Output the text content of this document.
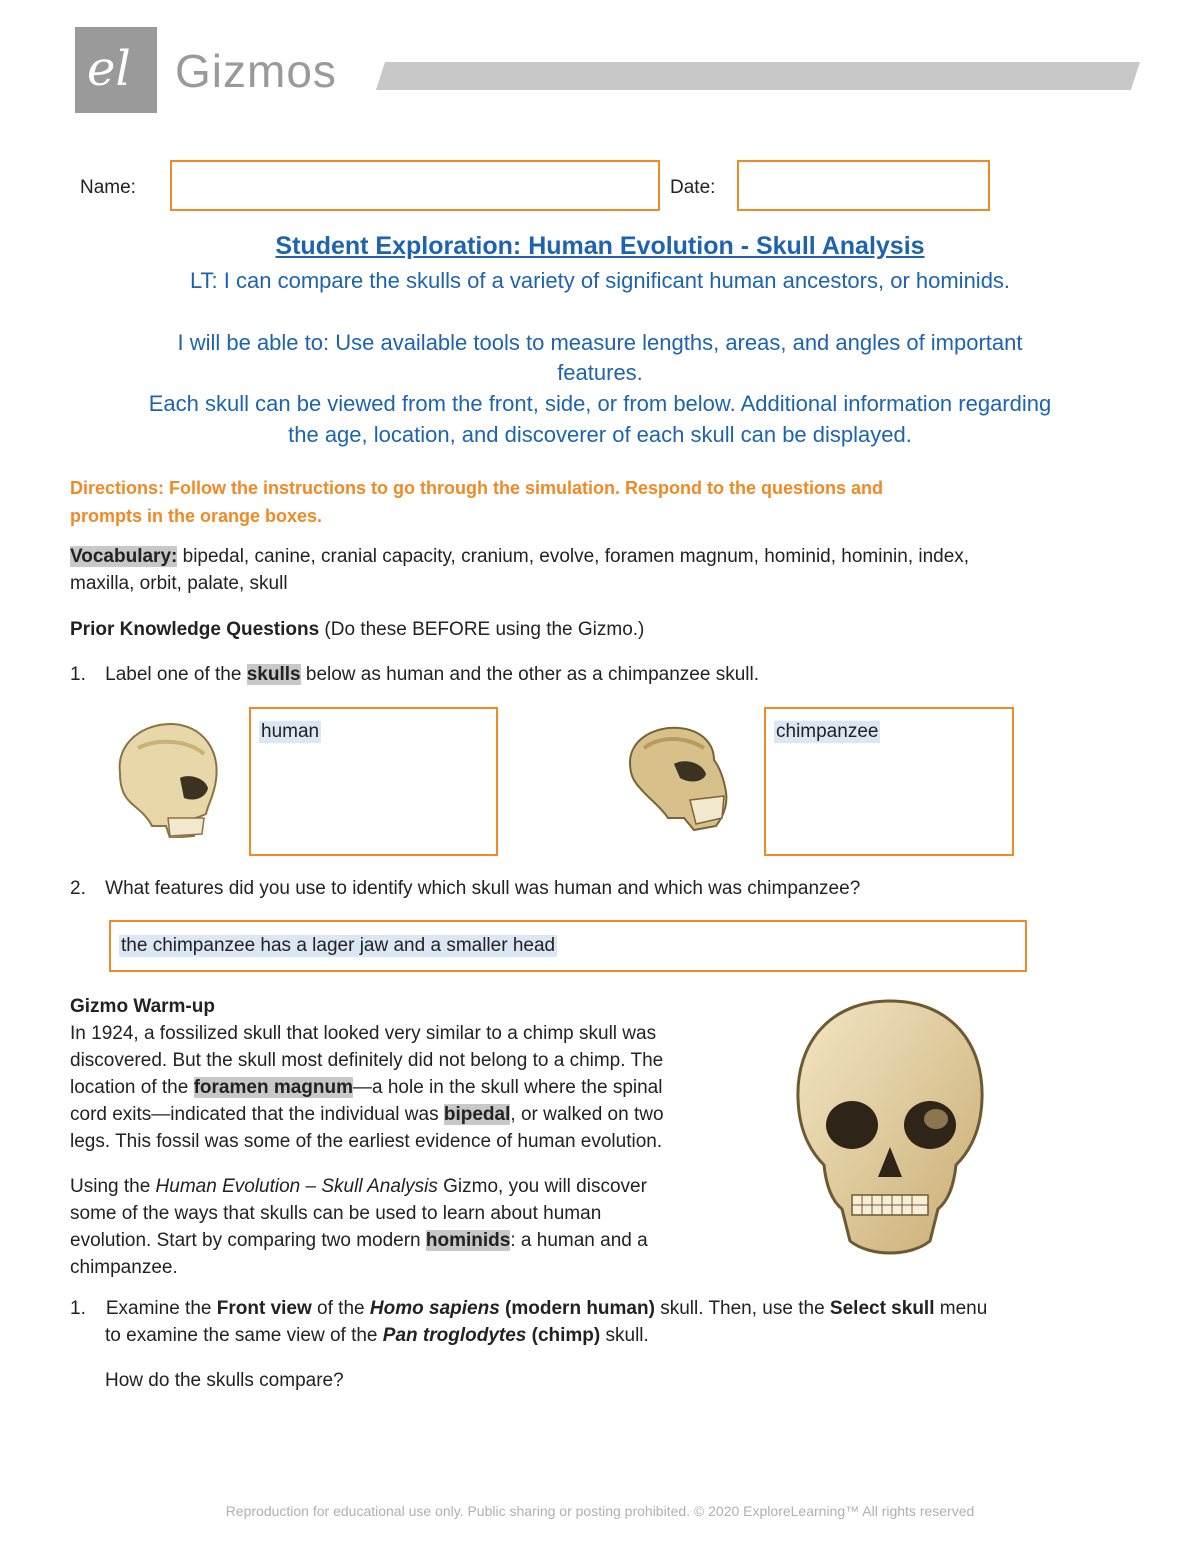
el Gizmos
Name:	Date:
Student Exploration: Human Evolution - Skull Analysis
LT: I can compare the skulls of a variety of significant human ancestors, or hominids.
I will be able to: Use available tools to measure lengths, areas, and angles of important
features.
Each skull can be viewed from the front, side, or from below. Additional information regarding
the age, location, and discoverer of each skull can be displayed.

Directions: Follow the instructions to go through the simulation. Respond to the questions and

prompts in the orange boxes.

Vocabulary: bipedal, canine, cranial capacity, cranium, evolve, foramen magnum, hominid, hominin, index,

maxilla, orbit, palate, skull

Prior Knowledge Questions (Do these BEFORE using the Gizmo.)
1. Label one of the skulls below as human and the other as a chimpanzee skull.
human	chimpanzee
2. What features did you use to identify which skull was human and which was chimpanzee?
the chimpanzee has a lager jaw and a smaller head

Gizmo Warm-up

In 1924, a fossilized skull that looked very similar to a chimp skull was

discovered. But the skull most definitely did not belong to a chimp. The

location of the foramen magnum—a hole in the skull where the spinal

cord exits—indicated that the individual was bipedal, or walked on two

legs. This fossil was some of the earliest evidence of human evolution.

Using the Human Evolution – Skull Analysis Gizmo, you will discover

some of the ways that skulls can be used to learn about human

evolution. Start by comparing two modern hominids: a human and a

chimpanzee.

1. Examine the Front view of the Homo sapiens (modern human) skull. Then, use the Select skull menu

to examine the same view of the Pan troglodytes (chimp) skull.

How do the skulls compare?

Reproduction for educational use only. Public sharing or posting prohibited. © 2020 ExploreLearning™ All rights reserved
